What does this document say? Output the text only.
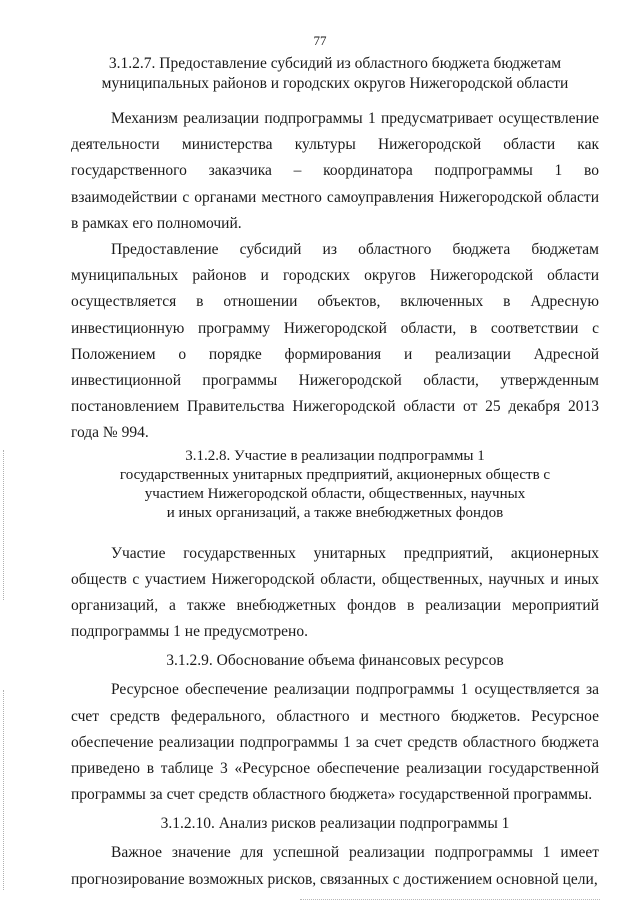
77

3.1.2.7. Предоставление субсидий из областного бюджета бюджетам

муниципальных районов и городских округов Нижегородской области

Механизм реализации подпрограммы 1 предусматривает осуществление деятельности министерства культуры Нижегородской области как государственного заказчика – координатора подпрограммы 1 во взаимодействии с органами местного самоуправления Нижегородской области в рамках его полномочий.

Предоставление субсидий из областного бюджета бюджетам муниципальных районов и городских округов Нижегородской области осуществляется в отношении объектов, включенных в Адресную инвестиционную программу Нижегородской области, в соответствии с Положением о порядке формирования и реализации Адресной инвестиционной программы Нижегородской области, утвержденным постановлением Правительства Нижегородской области от 25 декабря 2013 года № 994.

3.1.2.8. Участие в реализации подпрограммы 1

государственных унитарных предприятий, акционерных обществ с

участием Нижегородской области, общественных, научных

и иных организаций, а также внебюджетных фондов

Участие государственных унитарных предприятий, акционерных обществ с участием Нижегородской области, общественных, научных и иных организаций, а также внебюджетных фондов в реализации мероприятий подпрограммы 1 не предусмотрено.

3.1.2.9. Обоснование объема финансовых ресурсов

Ресурсное обеспечение реализации подпрограммы 1 осуществляется за счет средств федерального, областного и местного бюджетов. Ресурсное обеспечение реализации подпрограммы 1 за счет средств областного бюджета приведено в таблице 3 «Ресурсное обеспечение реализации государственной программы за счет средств областного бюджета» государственной программы.

3.1.2.10. Анализ рисков реализации подпрограммы 1

Важное значение для успешной реализации подпрограммы 1 имеет прогнозирование возможных рисков, связанных с достижением основной цели,
